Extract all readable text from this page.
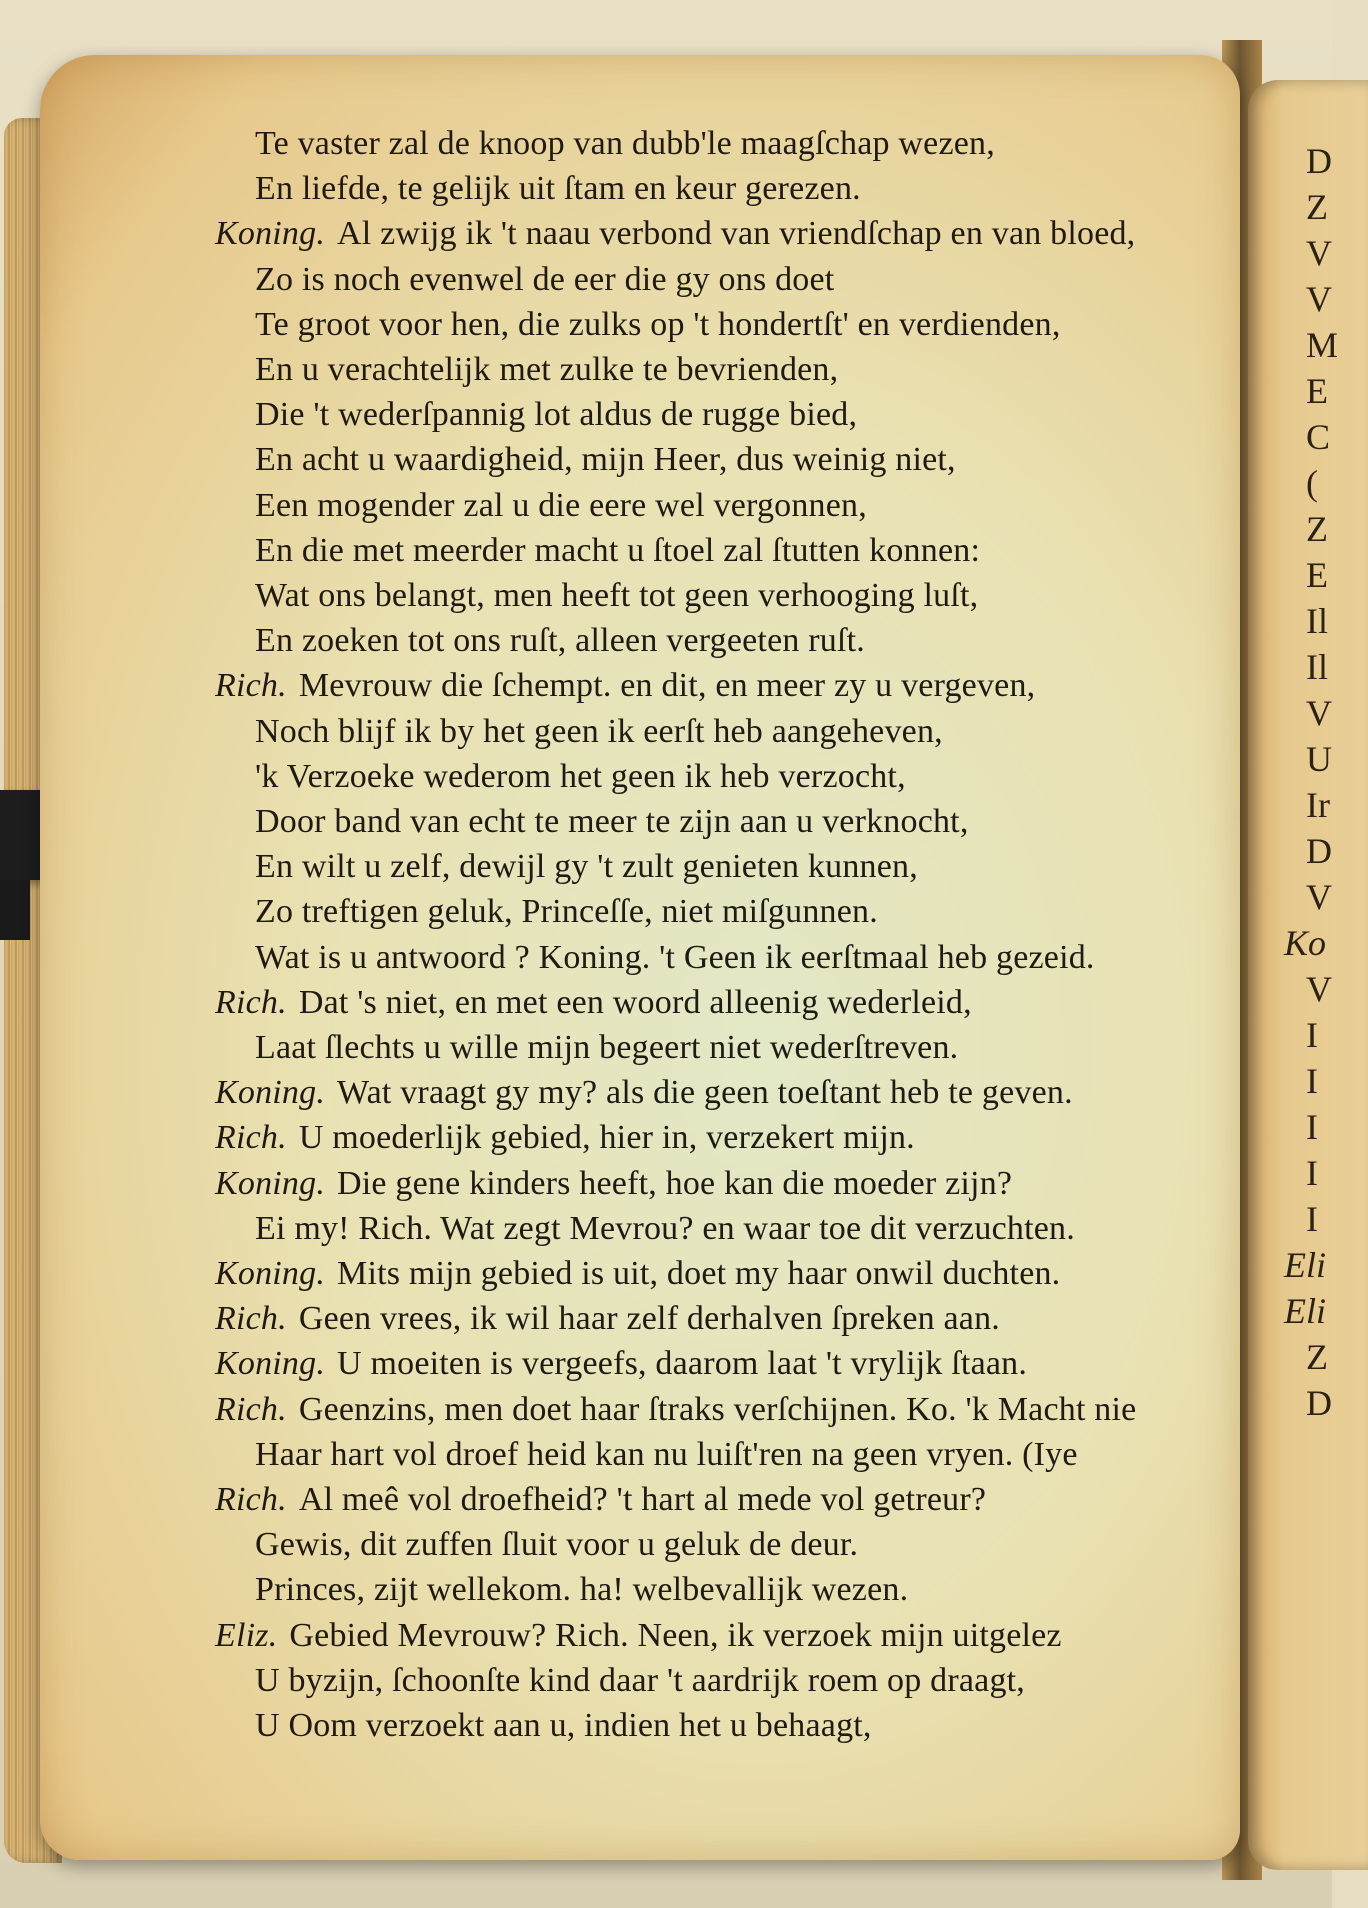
D
Z
V
V
M
E
C
(
Z
E
Il
Il
V
U
Ir
D
V
Ko
V
I
I
I
I
I
Eli
Eli
Z
D
Te vaster zal de knoop van dubb'le maagſchap wezen,
En liefde, te gelijk uit ſtam en keur gerezen.
Koning. Al zwijg ik 't naau verbond van vriendſchap en van bloed,
Zo is noch evenwel de eer die gy ons doet
Te groot voor hen, die zulks op 't hondertſt' en verdienden,
En u verachtelijk met zulke te bevrienden,
Die 't wederſpannig lot aldus de rugge bied,
En acht u waardigheid, mijn Heer, dus weinig niet,
Een mogender zal u die eere wel vergonnen,
En die met meerder macht u ſtoel zal ſtutten konnen:
Wat ons belangt, men heeft tot geen verhooging luſt,
En zoeken tot ons ruſt, alleen vergeeten ruſt.
Rich. Mevrouw die ſchempt. en dit, en meer zy u vergeven,
Noch blijf ik by het geen ik eerſt heb aangeheven,
'k Verzoeke wederom het geen ik heb verzocht,
Door band van echt te meer te zijn aan u verknocht,
En wilt u zelf, dewijl gy 't zult genieten kunnen,
Zo treftigen geluk, Princeſſe, niet miſgunnen.
Wat is u antwoord ? Koning. 't Geen ik eerſtmaal heb gezeid.
Rich. Dat 's niet, en met een woord alleenig wederleid,
Laat ſlechts u wille mijn begeert niet wederſtreven.
Koning. Wat vraagt gy my? als die geen toeſtant heb te geven.
Rich. U moederlijk gebied, hier in, verzekert mijn.
Koning. Die gene kinders heeft, hoe kan die moeder zijn?
Ei my! Rich. Wat zegt Mevrou? en waar toe dit verzuchten.
Koning. Mits mijn gebied is uit, doet my haar onwil duchten.
Rich. Geen vrees, ik wil haar zelf derhalven ſpreken aan.
Koning. U moeiten is vergeefs, daarom laat 't vrylijk ſtaan.
Rich. Geenzins, men doet haar ſtraks verſchijnen. Ko. 'k Macht nie
Haar hart vol droef heid kan nu luiſt'ren na geen vryen. (Iye
Rich. Al meê vol droefheid? 't hart al mede vol getreur?
Gewis, dit zuffen ſluit voor u geluk de deur.
Princes, zijt wellekom. ha! welbevallijk wezen.
Eliz. Gebied Mevrouw? Rich. Neen, ik verzoek mijn uitgelez
U byzijn, ſchoonſte kind daar 't aardrijk roem op draagt,
U Oom verzoekt aan u, indien het u behaagt,
